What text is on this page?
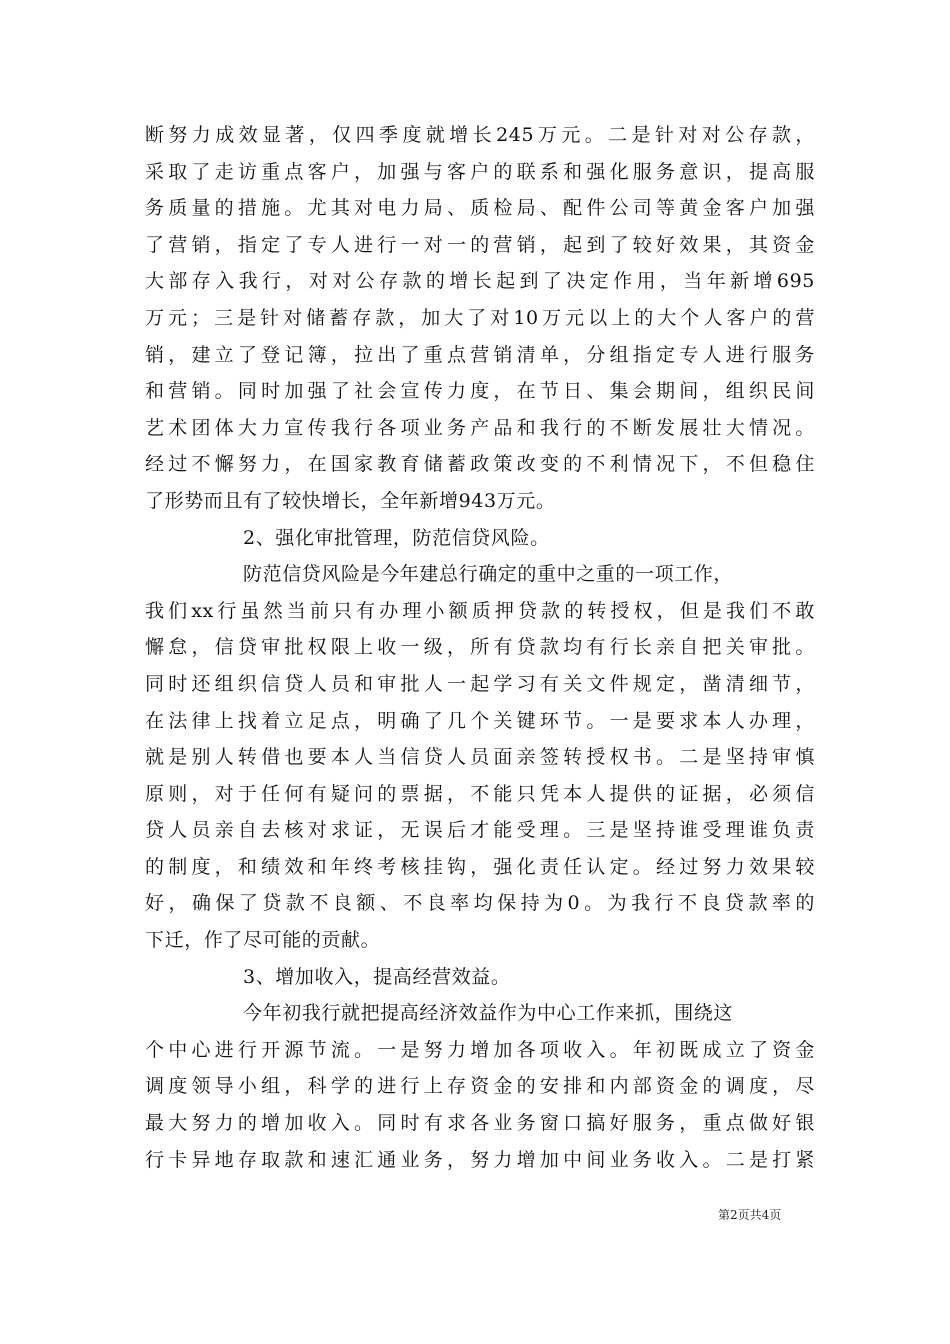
断努力成效显著，仅四季度就增长245万元。二是针对对公存款，
采取了走访重点客户，加强与客户的联系和强化服务意识，提高服
务质量的措施。尤其对电力局、质检局、配件公司等黄金客户加强
了营销，指定了专人进行一对一的营销，起到了较好效果，其资金
大部存入我行，对对公存款的增长起到了决定作用，当年新增695
万元；三是针对储蓄存款，加大了对10万元以上的大个人客户的营
销，建立了登记簿，拉出了重点营销清单，分组指定专人进行服务
和营销。同时加强了社会宣传力度，在节日、集会期间，组织民间
艺术团体大力宣传我行各项业务产品和我行的不断发展壮大情况。
经过不懈努力，在国家教育储蓄政策改变的不利情况下，不但稳住
了形势而且有了较快增长，全年新增943万元。
2、强化审批管理，防范信贷风险。
防范信贷风险是今年建总行确定的重中之重的一项工作，
我们xx行虽然当前只有办理小额质押贷款的转授权，但是我们不敢
懈怠，信贷审批权限上收一级，所有贷款均有行长亲自把关审批。
同时还组织信贷人员和审批人一起学习有关文件规定，凿清细节，
在法律上找着立足点，明确了几个关键环节。一是要求本人办理，
就是别人转借也要本人当信贷人员面亲签转授权书。二是坚持审慎
原则，对于任何有疑问的票据，不能只凭本人提供的证据，必须信
贷人员亲自去核对求证，无误后才能受理。三是坚持谁受理谁负责
的制度，和绩效和年终考核挂钩，强化责任认定。经过努力效果较
好，确保了贷款不良额、不良率均保持为0。为我行不良贷款率的
下迁，作了尽可能的贡献。
3、增加收入，提高经营效益。
今年初我行就把提高经济效益作为中心工作来抓，围绕这
个中心进行开源节流。一是努力增加各项收入。年初既成立了资金
调度领导小组，科学的进行上存资金的安排和内部资金的调度，尽
最大努力的增加收入。同时有求各业务窗口搞好服务，重点做好银
行卡异地存取款和速汇通业务，努力增加中间业务收入。二是打紧
第2页共4页
